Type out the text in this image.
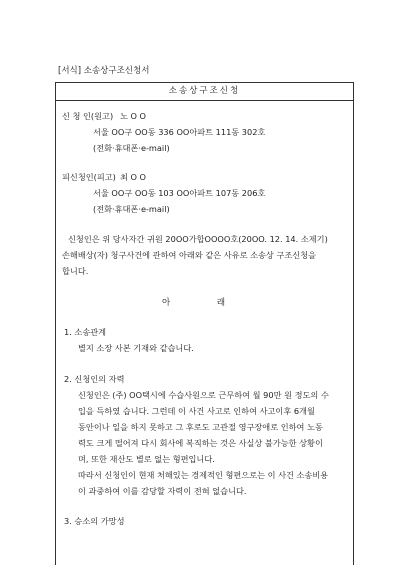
[서식] 소송상구조신청서
소송상구조신청
신 청 인(원고) 노 O O
서울 OO구 OO동 336 OO아파트 111동 302호
(전화·휴대폰·e-mail)
피신청인(피고) 최 O O
서울 OO구 OO동 103 OO아파트 107동 206호
(전화·휴대폰·e-mail)
신청인은 위 당사자간 귀원 20OO가합OOOO호(20OO. 12. 14. 소제기)
손해배상(자) 청구사건에 관하여 아래와 같은 사유로 소송상 구조신청을
합니다.
아 래
1. 소송관계
별지 소장 사본 기재와 같습니다.
2. 신청인의 자력
신청인은 (주) OO택시에 수습사원으로 근무하여 월 90만 원 정도의 수
입을 득하였 습니다. 그런데 이 사건 사고로 인하여 사고이후 6개월
동안이나 일을 하지 못하고 그 후로도 고관절 영구장애로 인하여 노동
력도 크게 떨어져 다시 회사에 복직하는 것은 사실상 불가능한 상황이
며, 또한 재산도 별로 없는 형편입니다.
따라서 신청인이 현재 처해있는 경제적인 형편으로는 이 사건 소송비용
이 과중하여 이를 감당할 자력이 전혀 없습니다.
3. 승소의 가망성
